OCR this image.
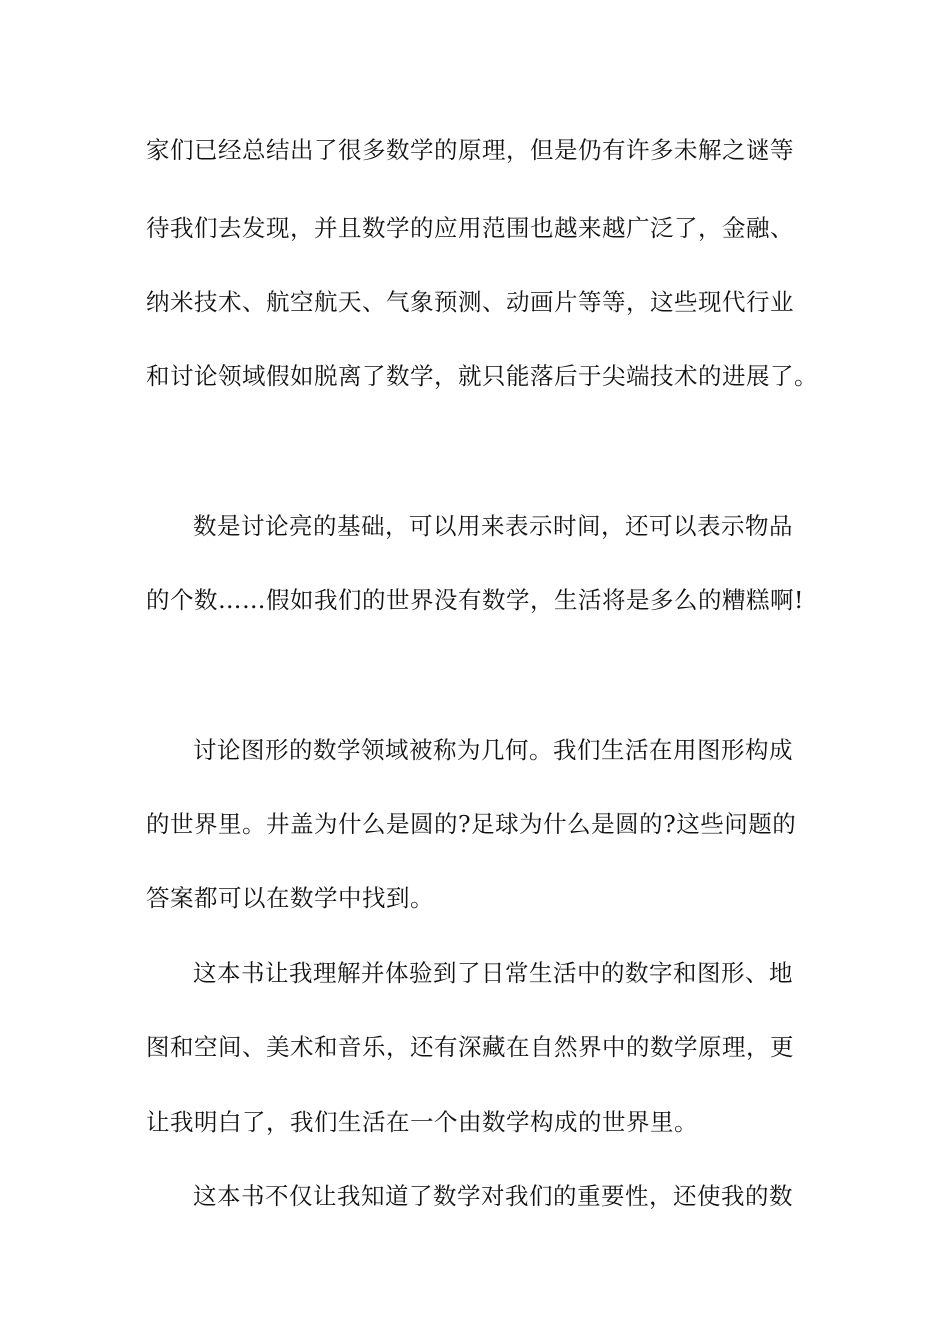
家们已经总结出了很多数学的原理，但是仍有许多未解之谜等
待我们去发现，并且数学的应用范围也越来越广泛了，金融、
纳米技术、航空航天、气象预测、动画片等等，这些现代行业
和讨论领域假如脱离了数学，就只能落后于尖端技术的进展了。
数是讨论亮的基础，可以用来表示时间，还可以表示物品
的个数……假如我们的世界没有数学，生活将是多么的糟糕啊!
讨论图形的数学领域被称为几何。我们生活在用图形构成
的世界里。井盖为什么是圆的?足球为什么是圆的?这些问题的
答案都可以在数学中找到。
这本书让我理解并体验到了日常生活中的数字和图形、地
图和空间、美术和音乐，还有深藏在自然界中的数学原理，更
让我明白了，我们生活在一个由数学构成的世界里。
这本书不仅让我知道了数学对我们的重要性，还使我的数
